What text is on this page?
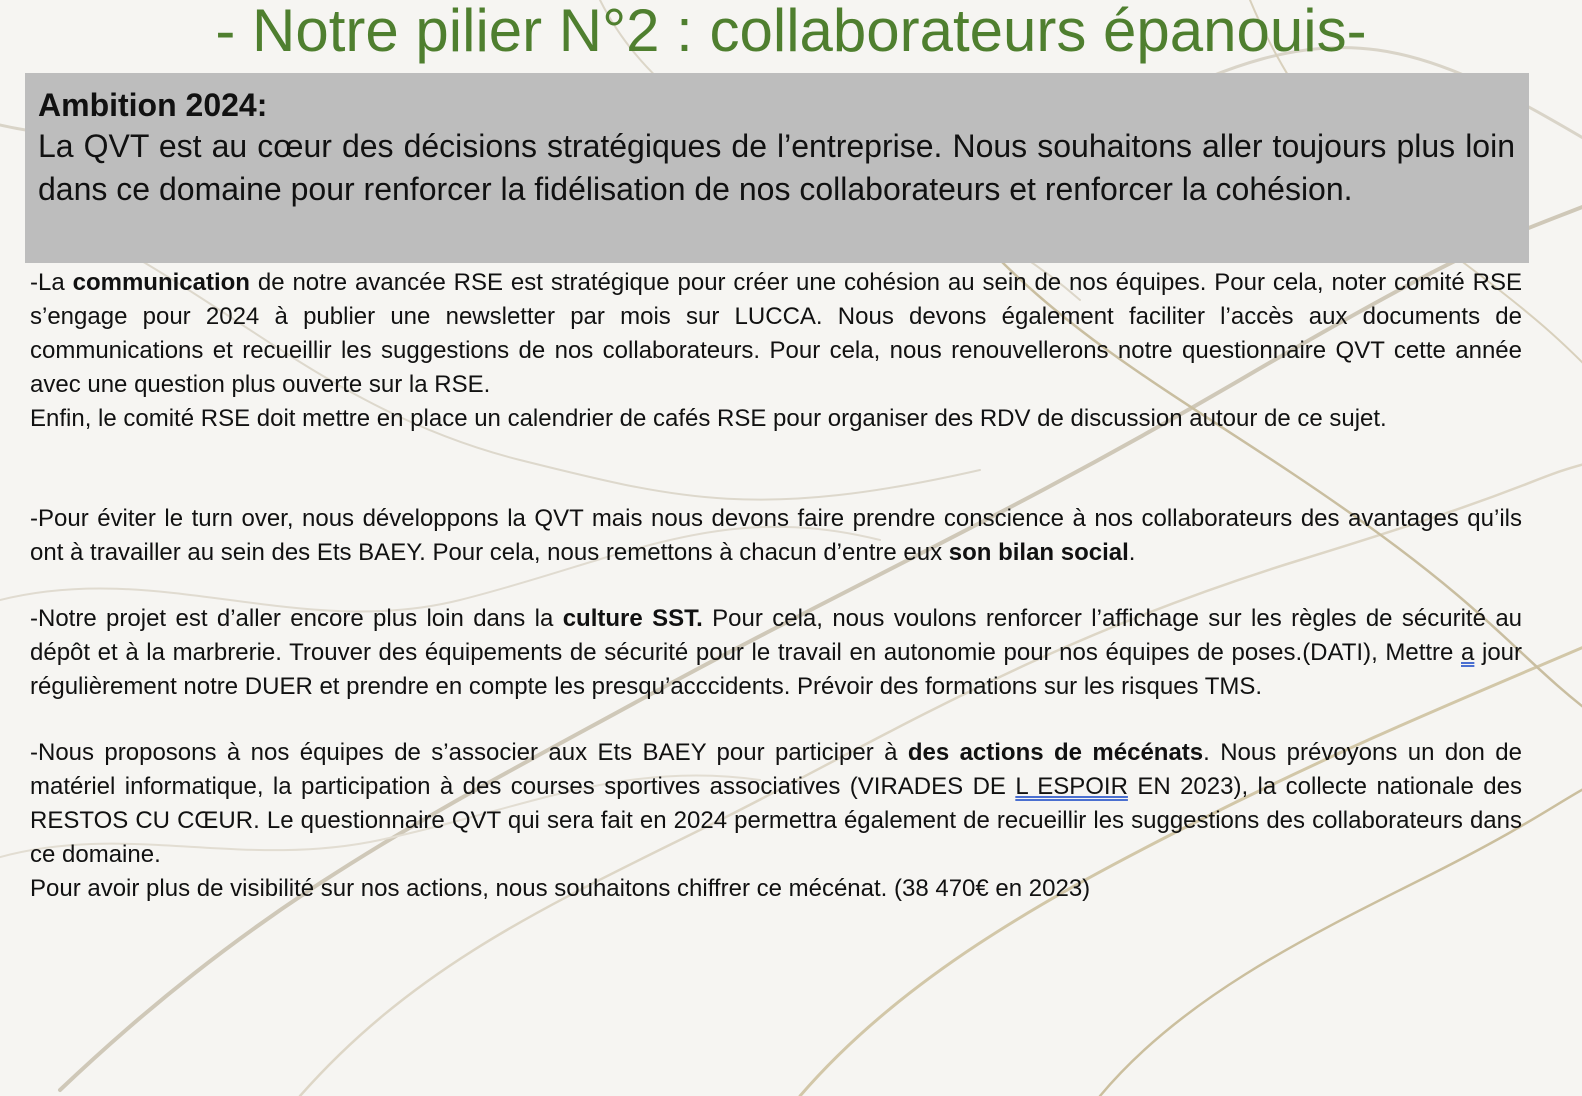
- Notre pilier N°2 : collaborateurs épanouis-
Ambition 2024:
La QVT est au cœur des décisions stratégiques de l’entreprise. Nous souhaitons aller toujours plus loin dans ce domaine pour renforcer la fidélisation de nos collaborateurs et renforcer la cohésion.

-La communication de notre avancée RSE est stratégique pour créer une cohésion au sein de nos équipes. Pour cela, noter comité RSE s’engage pour 2024 à publier une newsletter par mois sur LUCCA. Nous devons également faciliter l’accès aux documents de communications et recueillir les suggestions de nos collaborateurs. Pour cela, nous renouvellerons notre questionnaire QVT cette année avec une question plus ouverte sur la RSE.

Enfin, le comité RSE doit mettre en place un calendrier de cafés RSE pour organiser des RDV de discussion autour de ce sujet.

-Pour éviter le turn over, nous développons la QVT mais nous devons faire prendre conscience à nos collaborateurs des avantages qu’ils ont à travailler au sein des Ets BAEY. Pour cela, nous remettons à chacun d’entre eux son bilan social.

-Notre projet est d’aller encore plus loin dans la culture SST. Pour cela, nous voulons renforcer l’affichage sur les règles de sécurité au dépôt et à la marbrerie. Trouver des équipements de sécurité pour le travail en autonomie pour nos équipes de poses.(DATI), Mettre a jour régulièrement notre DUER et prendre en compte les presqu’acccidents. Prévoir des formations sur les risques TMS.

-Nous proposons à nos équipes de s’associer aux Ets BAEY pour participer à des actions de mécénats. Nous prévoyons un don de matériel informatique, la participation à des courses sportives associatives (VIRADES DE L ESPOIR EN 2023), la collecte nationale des RESTOS CU CŒUR. Le questionnaire QVT qui sera fait en 2024 permettra également de recueillir les suggestions des collaborateurs dans ce domaine.

Pour avoir plus de visibilité sur nos actions, nous souhaitons chiffrer ce mécénat. (38 470€ en 2023)
